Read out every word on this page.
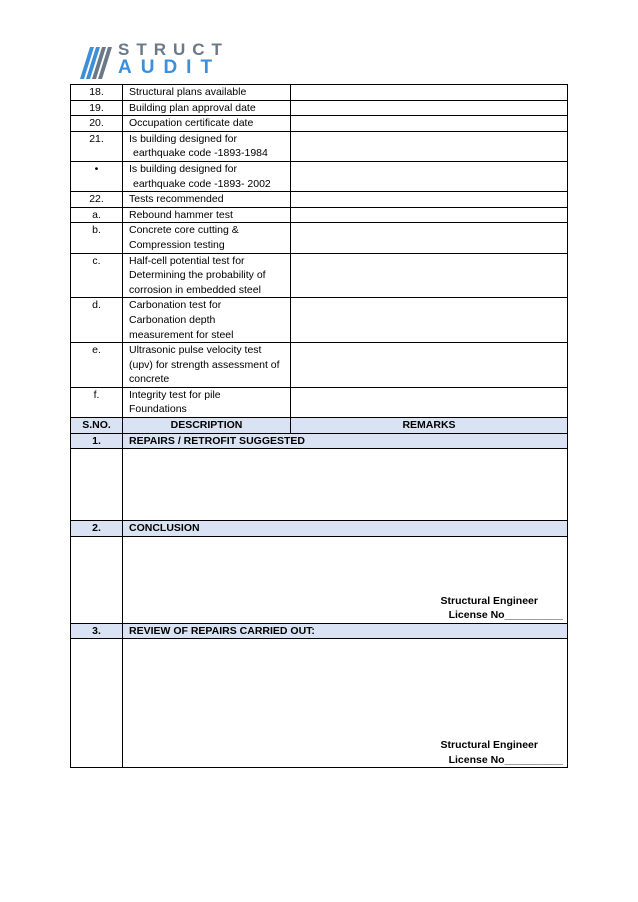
STRUCT
AUDIT
18.	Structural plans available	

19.	Building plan approval date	

20.	Occupation certificate date	

21.	Is building designed for
earthquake code -1893-1984	

•	Is building designed for
earthquake code -1893- 2002	

22.	Tests recommended	

a.	Rebound hammer test	

b.	Concrete core cutting &
Compression testing	

c.	Half-cell potential test for
Determining the probability of
corrosion in embedded steel	

d.	Carbonation test for
Carbonation depth
measurement for steel	

e.	Ultrasonic pulse velocity test
(upv) for strength assessment of
concrete	

f.	Integrity test for pile
Foundations	

S.NO.	DESCRIPTION	REMARKS
1.	REPAIRS / RETROFIT SUGGESTED	

2.	CONCLUSION	

	Structural Engineer
License No__________	

3.	REVIEW OF REPAIRS CARRIED OUT:	

	Structural Engineer
License No__________	
